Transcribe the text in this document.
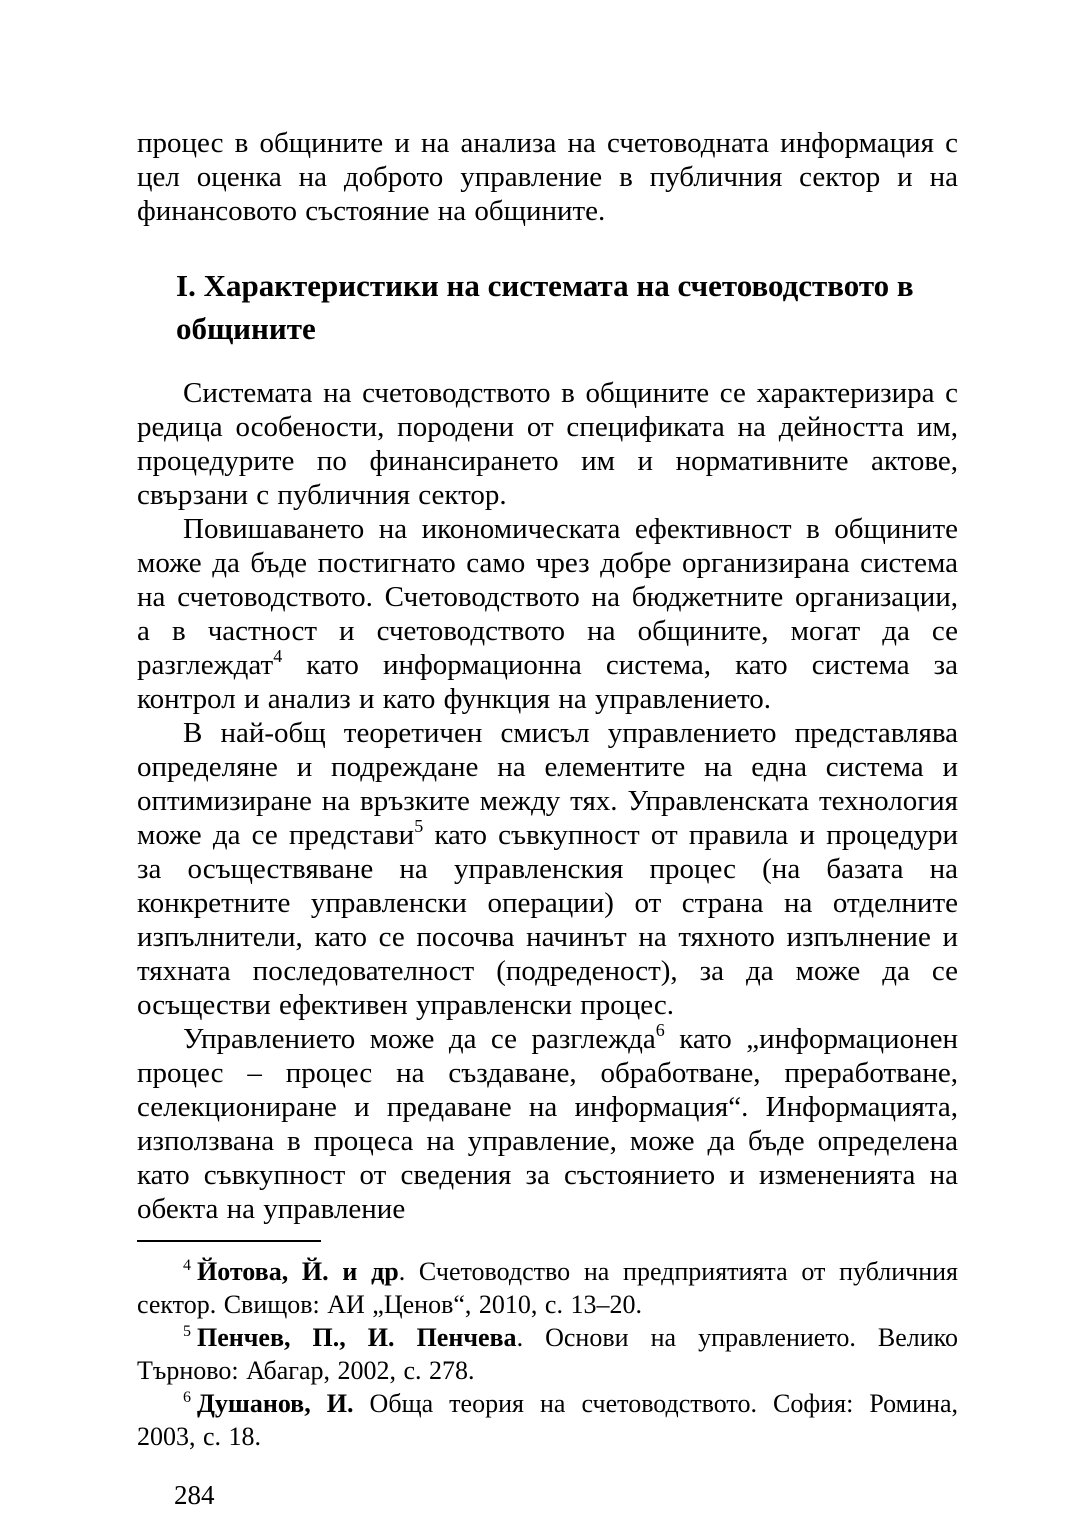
процес в общините и на анализа на счетоводната информация с цел оценка на доброто управление в публичния сектор и на финансовото състояние на общините.

I. Характеристики на системата на счетоводството в общините

Системата на счетоводството в общините се характеризира с редица особености, породени от спецификата на дейността им, процедурите по финансирането им и нормативните актове, свързани с публичния сектор.

Повишаването на икономическата ефективност в общините може да бъде постигнато само чрез добре организирана система на счетоводството. Счетоводството на бюджетните организации, а в частност и счетоводството на общините, могат да се разглеждат$^4$ като информационна система, като система за контрол и анализ и като функция на управлението.

В най-общ теоретичен смисъл управлението представлява определяне и подреждане на елементите на една система и оптимизиране на връзките между тях. Управленската технология може да се представи$^5$ като съвкупност от правила и процедури за осъществяване на управленския процес (на базата на конкретните управленски операции) от страна на отделните изпълнители, като се посочва начинът на тяхното изпълнение и тяхната последователност (подреденост), за да може да се осъществи ефективен управленски процес.

Управлението може да се разглежда$^6$ като „информационен процес – процес на създаване, обработване, преработване, селекциониране и предаване на информация“. Информацията, използвана в процеса на управление, може да бъде определена като съвкупност от сведения за състоянието и измененията на обекта на управление

$^4$ Йотова, Й. и др. Счетоводство на предприятията от публичния сектор. Свищов: АИ „Ценов“, 2010, с. 13–20.

$^5$ Пенчев, П., И. Пенчева. Основи на управлението. Велико Търново: Абагар, 2002, с. 278.

$^6$ Душанов, И. Обща теория на счетоводството. София: Ромина, 2003, с. 18.

284
